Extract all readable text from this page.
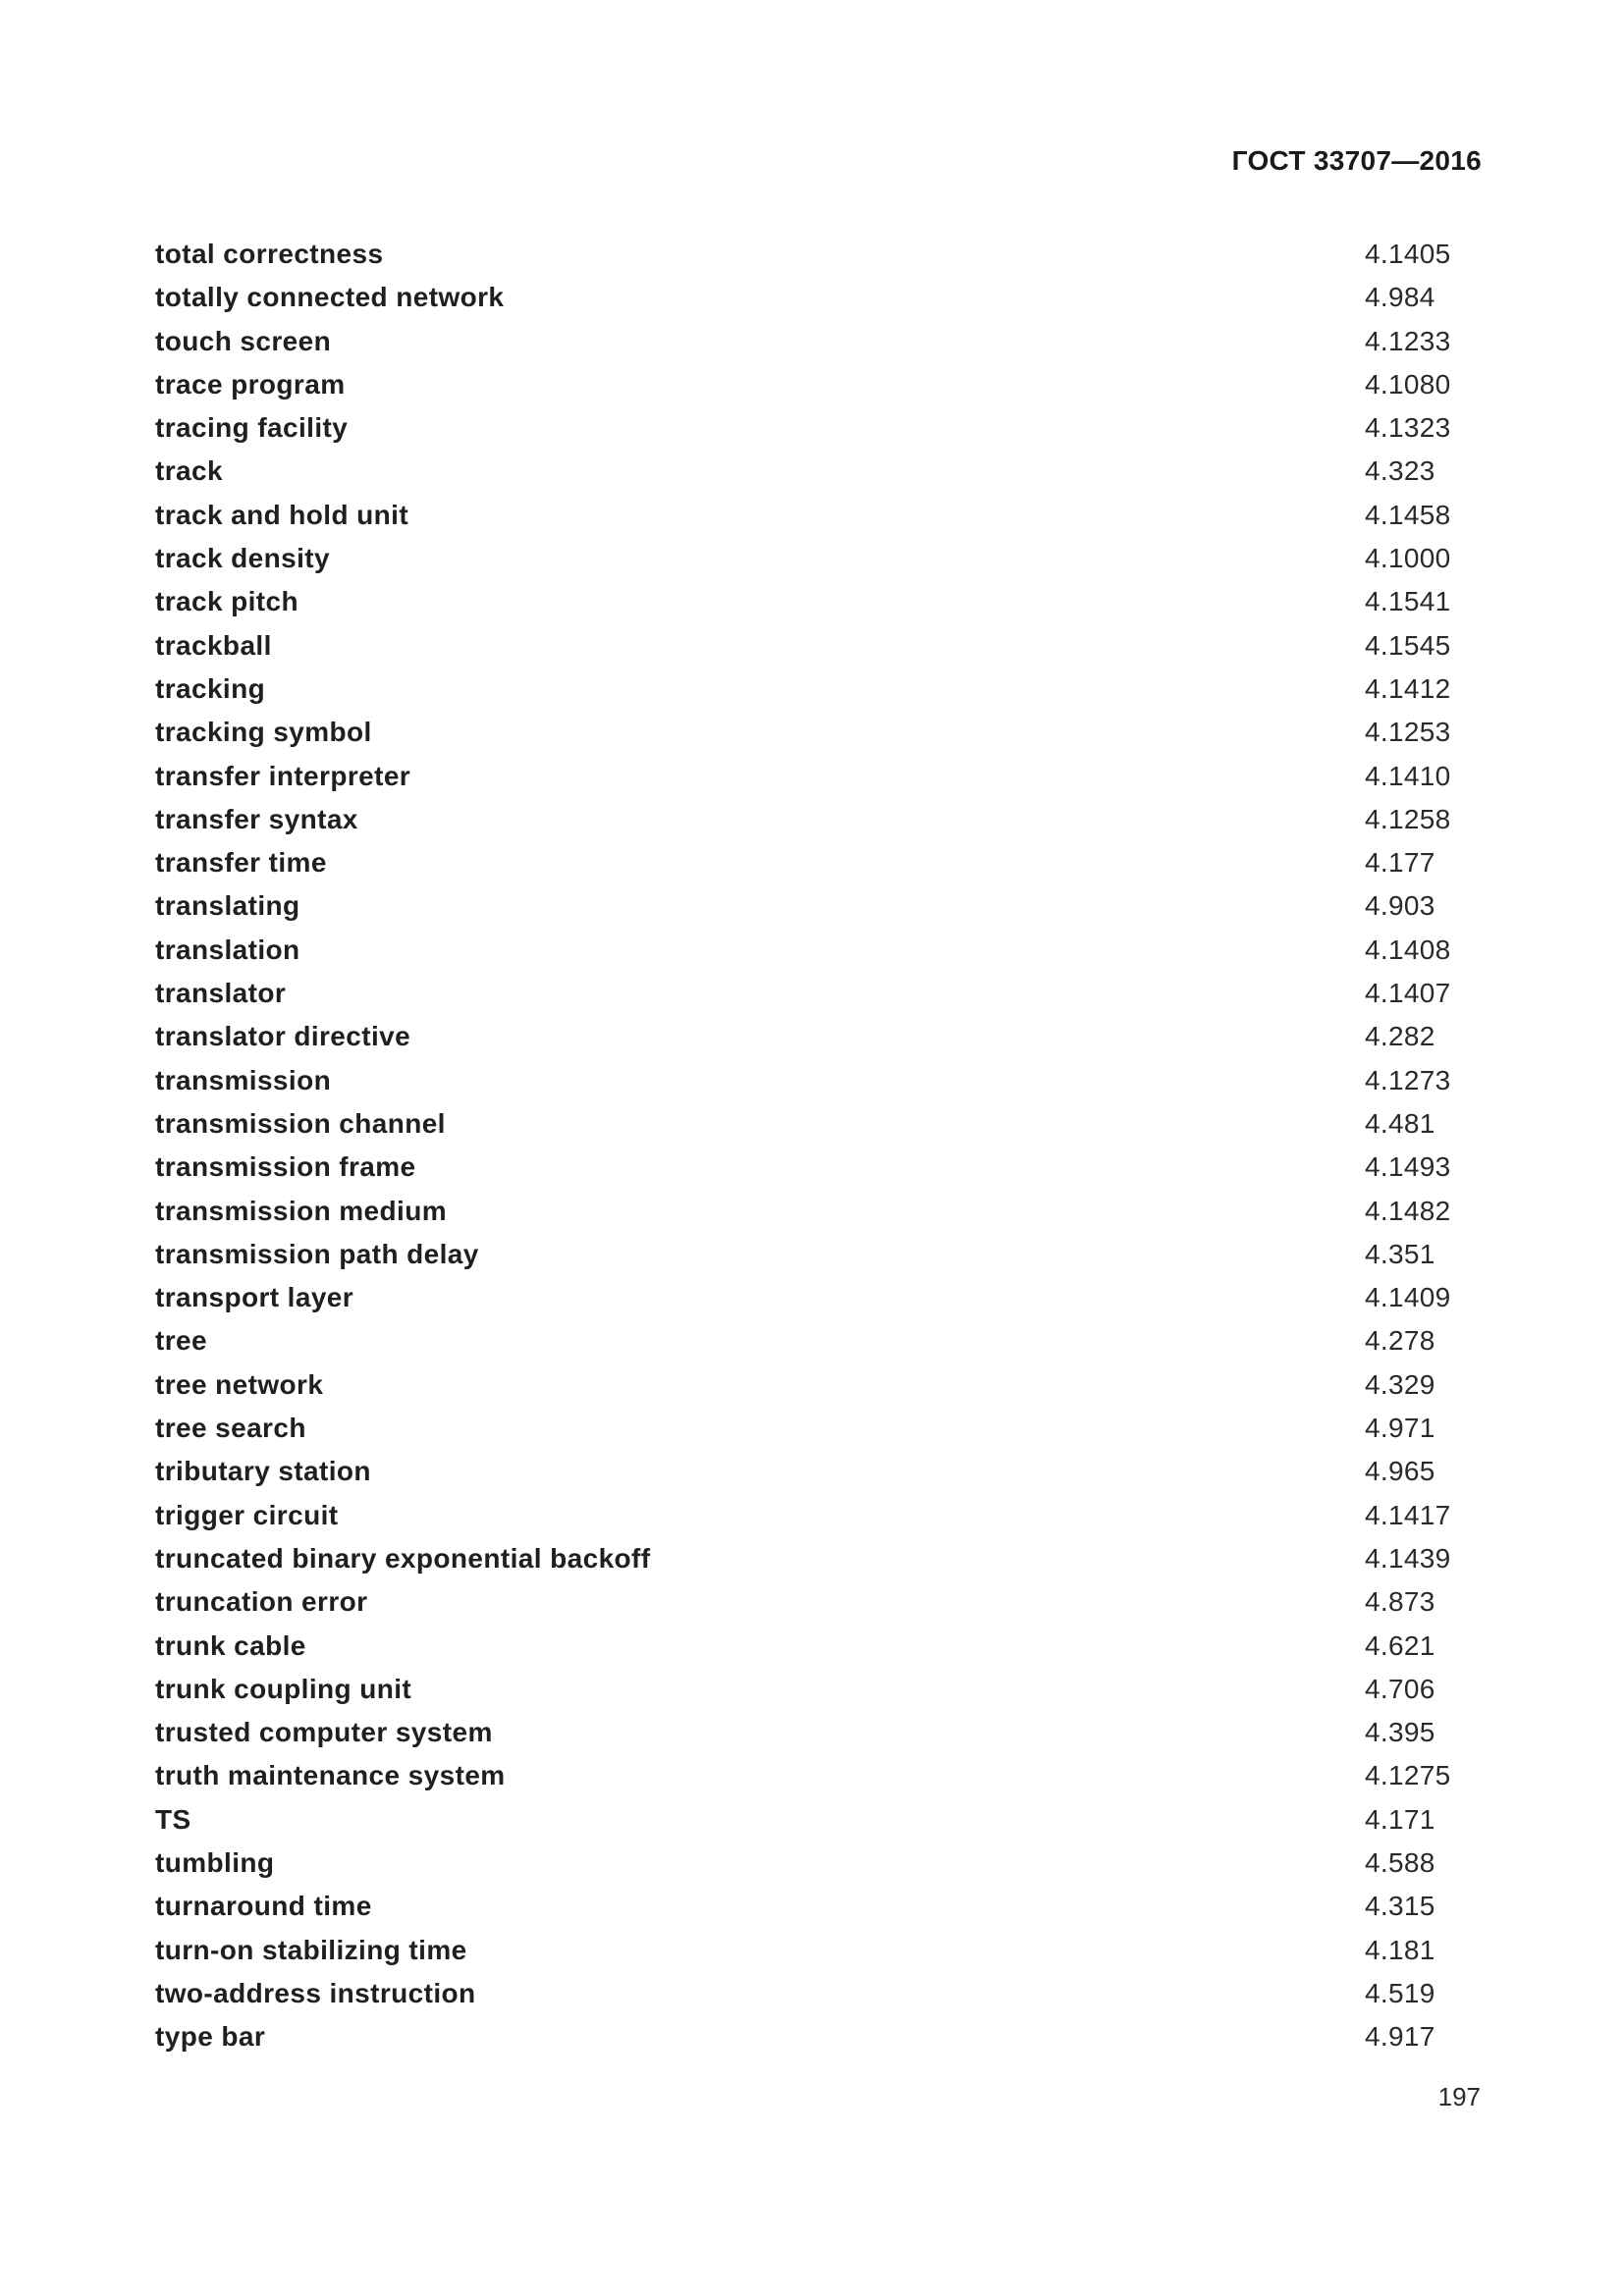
ГОСТ 33707—2016
total correctness	4.1405
totally connected network	4.984
touch screen	4.1233
trace program	4.1080
tracing facility	4.1323
track	4.323
track and hold unit	4.1458
track density	4.1000
track pitch	4.1541
trackball	4.1545
tracking	4.1412
tracking symbol	4.1253
transfer interpreter	4.1410
transfer syntax	4.1258
transfer time	4.177
translating	4.903
translation	4.1408
translator	4.1407
translator directive	4.282
transmission	4.1273
transmission channel	4.481
transmission frame	4.1493
transmission medium	4.1482
transmission path delay	4.351
transport layer	4.1409
tree	4.278
tree network	4.329
tree search	4.971
tributary station	4.965
trigger circuit	4.1417
truncated binary exponential backoff	4.1439
truncation error	4.873
trunk cable	4.621
trunk coupling unit	4.706
trusted computer system	4.395
truth maintenance system	4.1275
TS	4.171
tumbling	4.588
turnaround time	4.315
turn-on stabilizing time	4.181
two-address instruction	4.519
type bar	4.917
197
